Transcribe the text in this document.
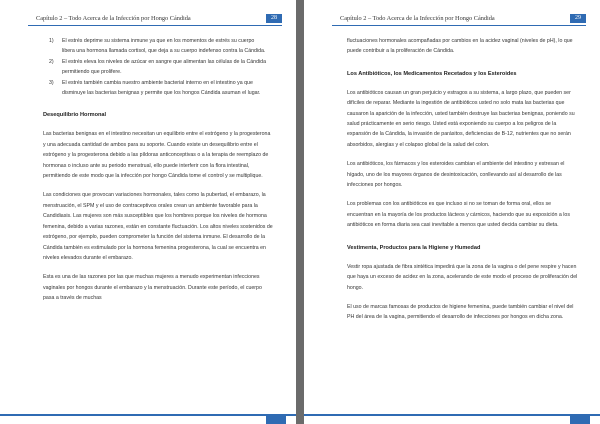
Capítulo 2 – Todo Acerca de la Infección por Hongo Cándida	28
1) El estrés deprime su sistema inmune ya que en los momentos de estrés su cuerpo libera una hormona llamada cortisol, que deja a su cuerpo indefenso contra la Cándida.
2) El estrés eleva los niveles de azúcar en sangre que alimentan las células de la Cándida permitiendo que prolifere.
3) El estrés también cambia nuestro ambiente bacterial interno en el intestino ya que disminuye las bacterias benignas y permite que los hongos Cándida asuman el lugar.
Desequilibrio Hormonal

Las bacterias benignas en el intestino necesitan un equilibrio entre el estrógeno y la progesterona y una adecuada cantidad de ambos para su soporte. Cuando existe un desequilibrio entre el estrógeno y la progesterona debido a las píldoras anticonceptivas o a la terapia de reemplazo de hormonas o incluso ante su periodo menstrual, ello puede interferir con la flora intestinal, permitiendo de este modo que la infección por hongo Cándida tome el control y se multiplique.

Las condiciones que provocan variaciones hormonales, tales como la pubertad, el embarazo, la menstruación, el SPM y el uso de contraceptivos orales crean un ambiente favorable para la Candidiasis. Las mujeres son más susceptibles que los hombres porque los niveles de hormona femenina, debido a varias razones, están en constante fluctuación. Los altos niveles sostenidos de estrógeno, por ejemplo, pueden comprometer la función del sistema inmune. El desarrollo de la Cándida también es estimulado por la hormona femenina progesterona, la cual se encuentra en niveles elevados durante el embarazo.

Esta es una de las razones por las que muchas mujeres a menudo experimentan infecciones vaginales por hongos durante el embarazo y la menstruación. Durante este período, el cuerpo pasa a través de muchas

Capítulo 2 – Todo Acerca de la Infección por Hongo Cándida	29

fluctuaciones hormonales acompañadas por cambios en la acidez vaginal (niveles de pH), lo que puede contribuir a la proliferación de Cándida.

Los Antibióticos, los Medicamentos Recetados y los Esteroides

Los antibióticos causan un gran perjuicio y estragos a su sistema, a largo plazo, que pueden ser difíciles de reparar. Mediante la ingestión de antibióticos usted no solo mata las bacterias que causaron la aparición de la infección, usted también destruye las bacterias benignas, poniendo su salud prácticamente en serio riesgo. Usted está exponiendo su cuerpo a los peligros de la expansión de la Cándida, la invasión de parásitos, deficiencias de B-12, nutrientes que no serán absorbidos, alergias y el colapso global de la salud del colon.

Los antibióticos, los fármacos y los esteroides cambian el ambiente del intestino y estresan el hígado, uno de los mayores órganos de desintoxicación, conllevando así al desarrollo de las infecciones por hongos.

Los problemas con los antibióticos es que incluso si no se toman de forma oral, ellos se encuentran en la mayoría de los productos lácteos y cárnicos, haciendo que su exposición a los antibióticos en forma diaria sea casi inevitable a menos que usted decida cambiar su dieta.

Vestimenta, Productos para la Higiene y Humedad

Vestir ropa ajustada de fibra sintética impedirá que la zona de la vagina o del pene respire y hacen que haya un exceso de acidez en la zona, acelerando de este modo el proceso de proliferación del hongo.

El uso de marcas famosas de productos de higiene femenina, puede también cambiar el nivel del PH del área de la vagina, permitiendo el desarrollo de infecciones por hongos en dicha zona.
